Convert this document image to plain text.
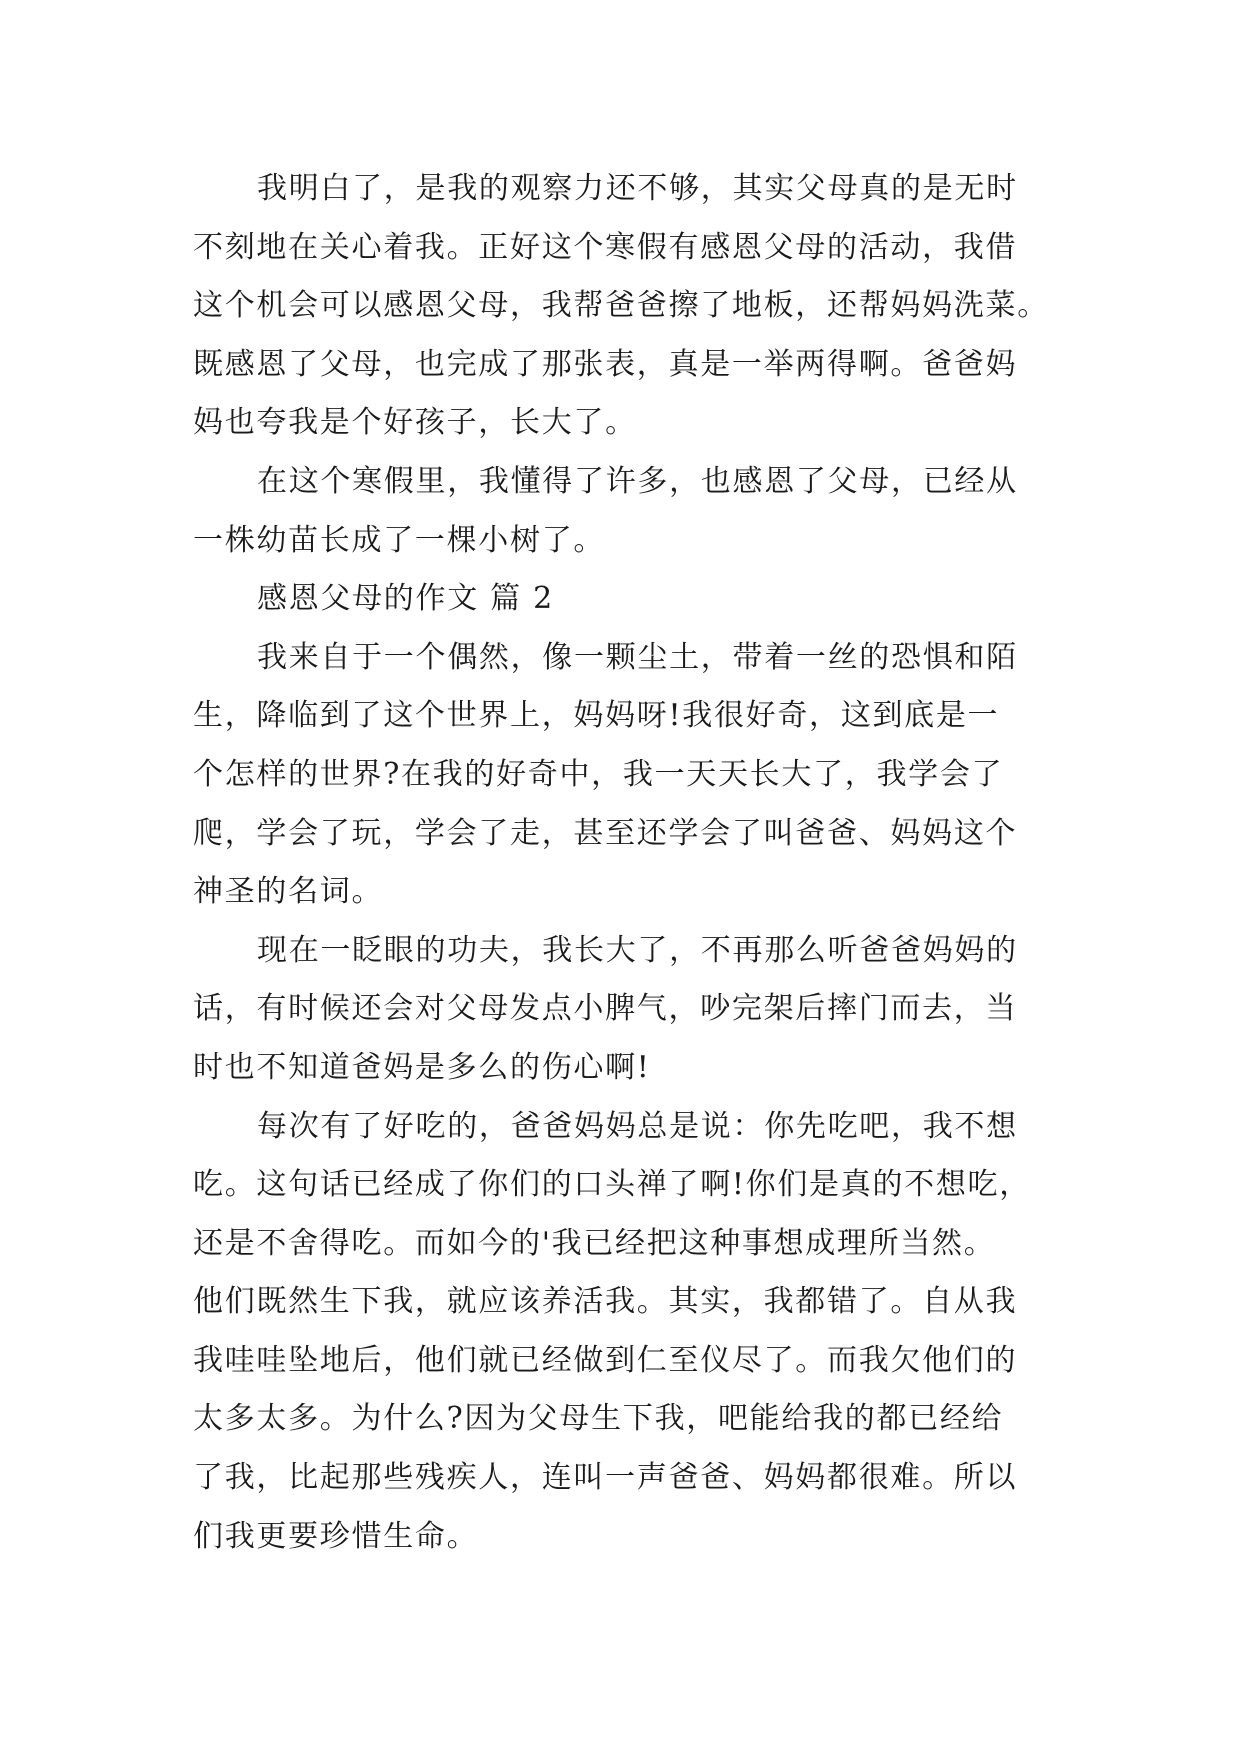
我明白了，是我的观察力还不够，其实父母真的是无时
不刻地在关心着我。正好这个寒假有感恩父母的活动，我借
这个机会可以感恩父母，我帮爸爸擦了地板，还帮妈妈洗菜。
既感恩了父母，也完成了那张表，真是一举两得啊。爸爸妈
妈也夸我是个好孩子，长大了。
在这个寒假里，我懂得了许多，也感恩了父母，已经从
一株幼苗长成了一棵小树了。
感恩父母的作文 篇 2
我来自于一个偶然，像一颗尘土，带着一丝的恐惧和陌
生，降临到了这个世界上，妈妈呀!我很好奇，这到底是一
个怎样的世界?在我的好奇中，我一天天长大了，我学会了
爬，学会了玩，学会了走，甚至还学会了叫爸爸、妈妈这个
神圣的名词。
现在一眨眼的功夫，我长大了，不再那么听爸爸妈妈的
话，有时候还会对父母发点小脾气，吵完架后摔门而去，当
时也不知道爸妈是多么的伤心啊!
每次有了好吃的，爸爸妈妈总是说：你先吃吧，我不想
吃。这句话已经成了你们的口头禅了啊!你们是真的不想吃，
还是不舍得吃。而如今的'我已经把这种事想成理所当然。
他们既然生下我，就应该养活我。其实，我都错了。自从我
我哇哇坠地后，他们就已经做到仁至仪尽了。而我欠他们的
太多太多。为什么?因为父母生下我，吧能给我的都已经给
了我，比起那些残疾人，连叫一声爸爸、妈妈都很难。所以
们我更要珍惜生命。
